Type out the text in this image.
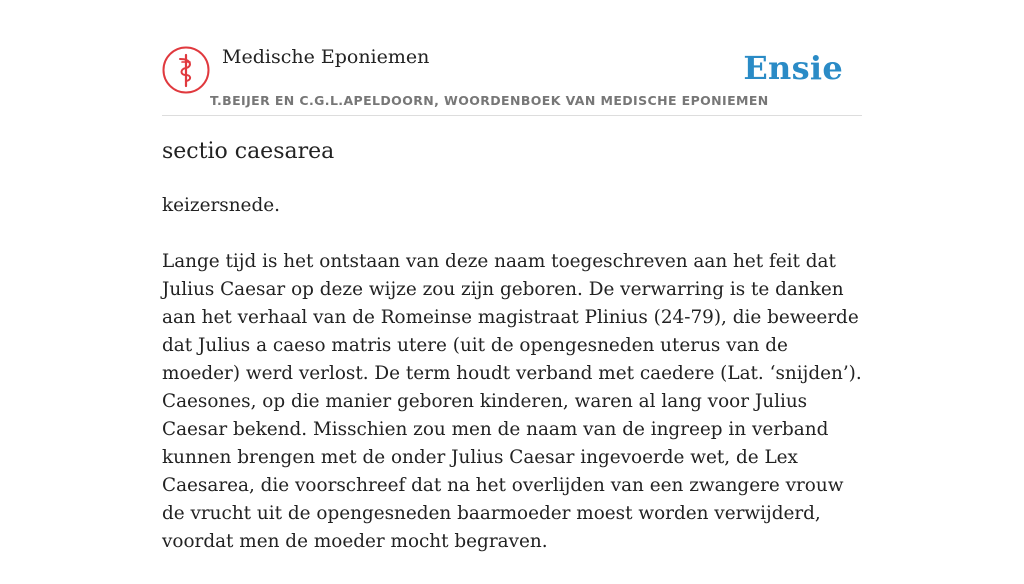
Medische Eponiemen
T.BEIJER EN C.G.L.APELDOORN, WOORDENBOEK VAN MEDISCHE EPONIEMEN
Ensie
sectio caesarea

keizersnede.

Lange tijd is het ontstaan van deze naam toegeschreven aan het feit dat Julius Caesar op deze wijze zou zijn geboren. De verwarring is te danken aan het verhaal van de Romeinse magistraat Plinius (24-79), die beweerde dat Julius a caeso matris utere (uit de opengesneden uterus van de moeder) werd verlost. De term houdt verband met caedere (Lat. ‘snijden’). Caesones, op die manier geboren kinderen, waren al lang voor Julius Caesar bekend. Misschien zou men de naam van de ingreep in verband kunnen brengen met de onder Julius Caesar ingevoerde wet, de Lex Caesarea, die voorschreef dat na het overlijden van een zwangere vrouw de vrucht uit de opengesneden baarmoeder moest worden verwijderd, voordat men de moeder mocht begraven.
